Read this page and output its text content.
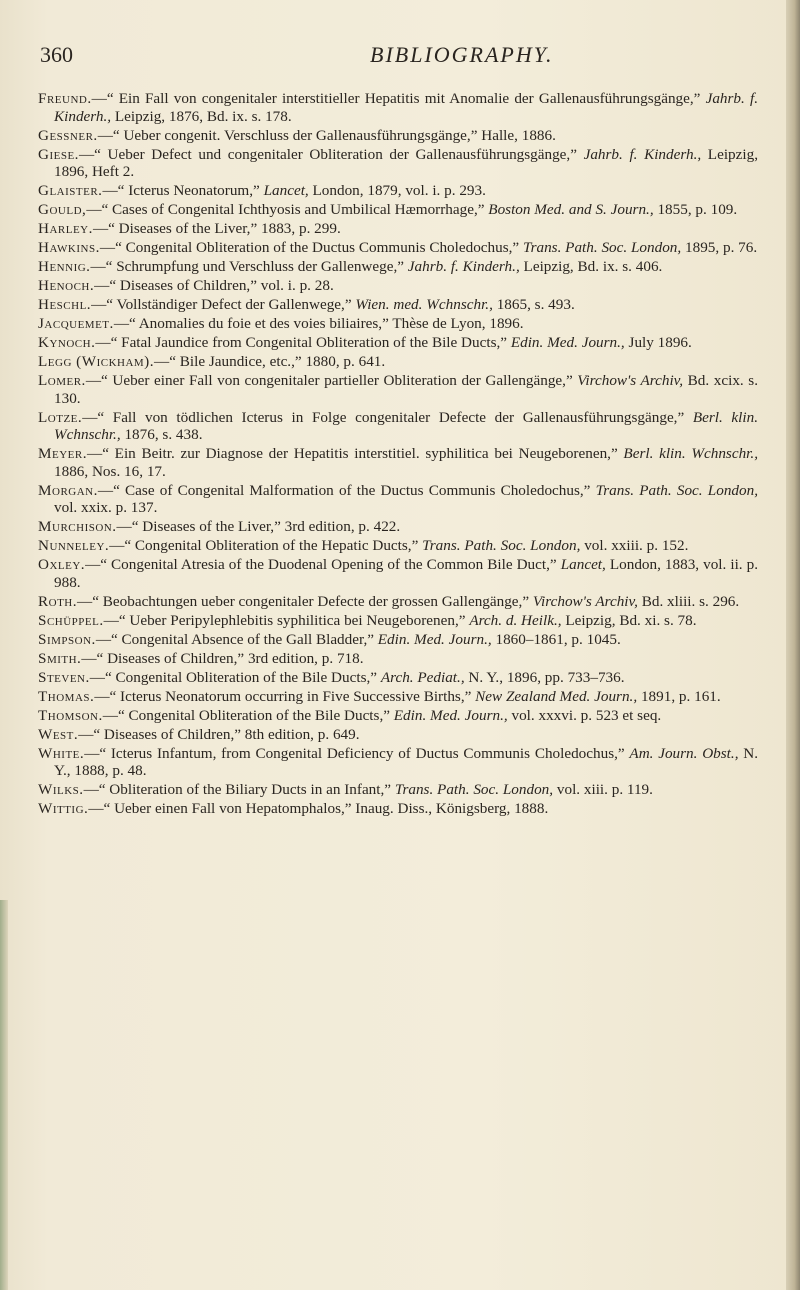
360	BIBLIOGRAPHY.

Freund.—“ Ein Fall von congenitaler interstitieller Hepatitis mit Anomalie der Gallenausführungsgänge,” Jahrb. f. Kinderh., Leipzig, 1876, Bd. ix. s. 178.

Gessner.—“ Ueber congenit. Verschluss der Gallenausführungsgänge,” Halle, 1886.

Giese.—“ Ueber Defect und congenitaler Obliteration der Gallenausführungsgänge,” Jahrb. f. Kinderh., Leipzig, 1896, Heft 2.

Glaister.—“ Icterus Neonatorum,” Lancet, London, 1879, vol. i. p. 293.

Gould,—“ Cases of Congenital Ichthyosis and Umbilical Hæmorrhage,” Boston Med. and S. Journ., 1855, p. 109.

Harley.—“ Diseases of the Liver,” 1883, p. 299.

Hawkins.—“ Congenital Obliteration of the Ductus Communis Choledochus,” Trans. Path. Soc. London, 1895, p. 76.

Hennig.—“ Schrumpfung und Verschluss der Gallenwege,” Jahrb. f. Kinderh., Leipzig, Bd. ix. s. 406.

Henoch.—“ Diseases of Children,” vol. i. p. 28.

Heschl.—“ Vollständiger Defect der Gallenwege,” Wien. med. Wchnschr., 1865, s. 493.

Jacquemet.—“ Anomalies du foie et des voies biliaires,” Thèse de Lyon, 1896.

Kynoch.—“ Fatal Jaundice from Congenital Obliteration of the Bile Ducts,” Edin. Med. Journ., July 1896.

Legg (Wickham).—“ Bile Jaundice, etc.,” 1880, p. 641.

Lomer.—“ Ueber einer Fall von congenitaler partieller Obliteration der Gallengänge,” Virchow's Archiv, Bd. xcix. s. 130.

Lotze.—“ Fall von tödlichen Icterus in Folge congenitaler Defecte der Gallenausführungsgänge,” Berl. klin. Wchnschr., 1876, s. 438.

Meyer.—“ Ein Beitr. zur Diagnose der Hepatitis interstitiel. syphilitica bei Neugeborenen,” Berl. klin. Wchnschr., 1886, Nos. 16, 17.

Morgan.—“ Case of Congenital Malformation of the Ductus Communis Choledochus,” Trans. Path. Soc. London, vol. xxix. p. 137.

Murchison.—“ Diseases of the Liver,” 3rd edition, p. 422.

Nunneley.—“ Congenital Obliteration of the Hepatic Ducts,” Trans. Path. Soc. London, vol. xxiii. p. 152.

Oxley.—“ Congenital Atresia of the Duodenal Opening of the Common Bile Duct,” Lancet, London, 1883, vol. ii. p. 988.

Roth.—“ Beobachtungen ueber congenitaler Defecte der grossen Gallengänge,” Virchow's Archiv, Bd. xliii. s. 296.

Schüppel.—“ Ueber Peripylephlebitis syphilitica bei Neugeborenen,” Arch. d. Heilk., Leipzig, Bd. xi. s. 78.

Simpson.—“ Congenital Absence of the Gall Bladder,” Edin. Med. Journ., 1860–1861, p. 1045.

Smith.—“ Diseases of Children,” 3rd edition, p. 718.

Steven.—“ Congenital Obliteration of the Bile Ducts,” Arch. Pediat., N. Y., 1896, pp. 733–736.

Thomas.—“ Icterus Neonatorum occurring in Five Successive Births,” New Zealand Med. Journ., 1891, p. 161.

Thomson.—“ Congenital Obliteration of the Bile Ducts,” Edin. Med. Journ., vol. xxxvi. p. 523 et seq.

West.—“ Diseases of Children,” 8th edition, p. 649.

White.—“ Icterus Infantum, from Congenital Deficiency of Ductus Communis Choledochus,” Am. Journ. Obst., N. Y., 1888, p. 48.

Wilks.—“ Obliteration of the Biliary Ducts in an Infant,” Trans. Path. Soc. London, vol. xiii. p. 119.

Wittig.—“ Ueber einen Fall von Hepatomphalos,” Inaug. Diss., Königsberg, 1888.
